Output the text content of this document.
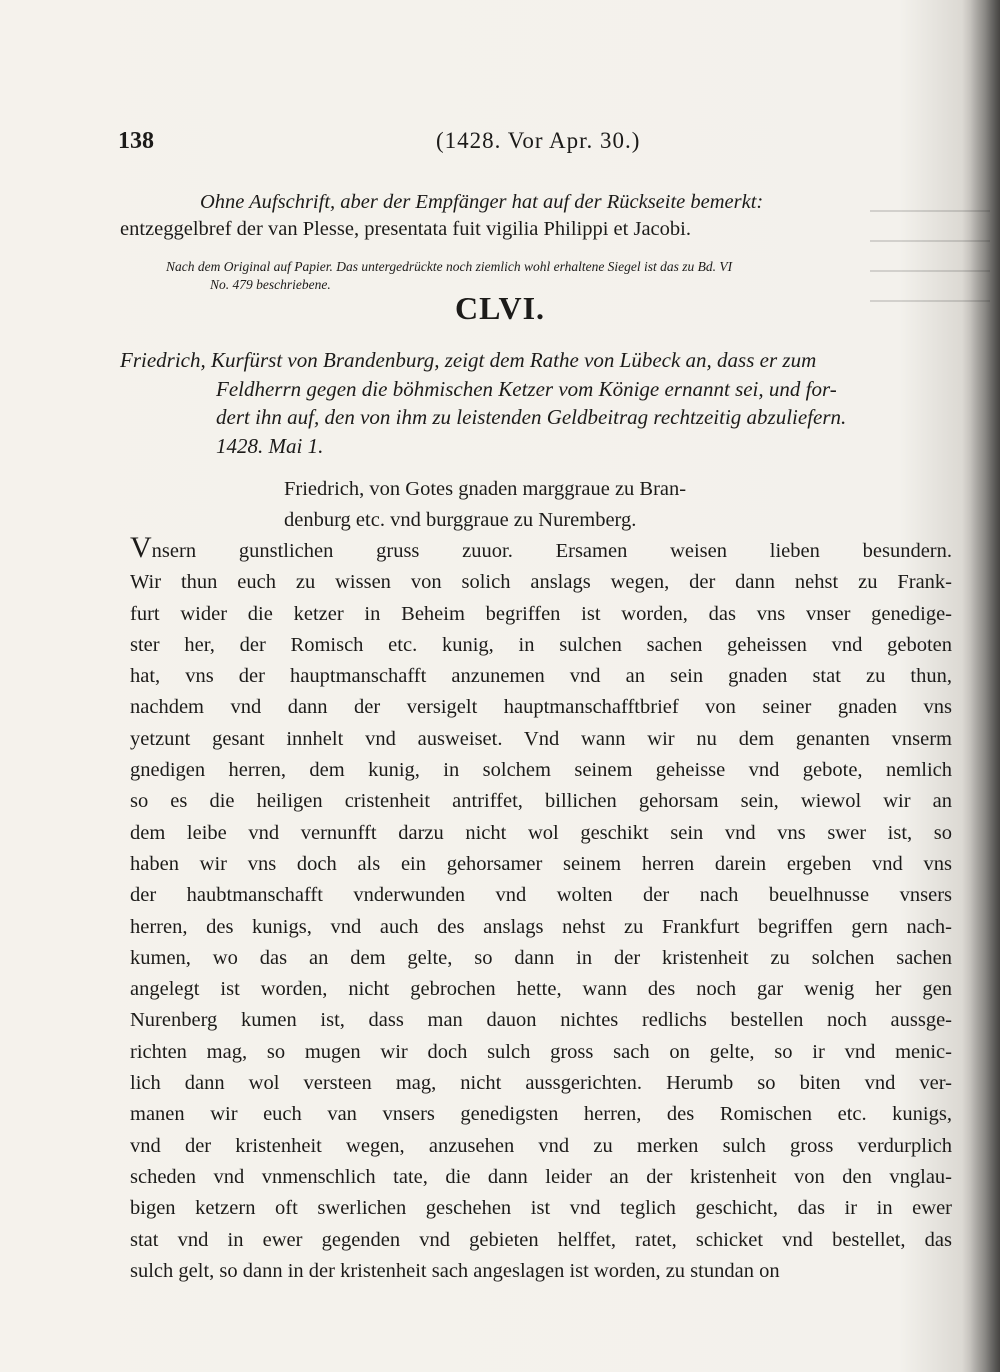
138	(1428. Vor Apr. 30.)

Ohne Aufschrift, aber der Empfänger hat auf der Rückseite bemerkt:
entzeggelbref der van Plesse, presentata fuit vigilia Philippi et Jacobi.

Nach dem Original auf Papier. Das untergedrückte noch ziemlich wohl erhaltene Siegel ist das zu Bd. VI
No. 479 beschriebene.

CLVI.

Friedrich, Kurfürst von Brandenburg, zeigt dem Rathe von Lübeck an, dass er zum
Feldherrn gegen die böhmischen Ketzer vom Könige ernannt sei, und for-
dert ihn auf, den von ihm zu leistenden Geldbeitrag rechtzeitig abzuliefern.
1428. Mai 1.

Friedrich, von Gotes gnaden marggraue zu Bran-
denburg etc. vnd burggraue zu Nuremberg.

Vnsern gunstlichen gruss zuuor. Ersamen weisen lieben besundern.
Wir thun euch zu wissen von solich anslags wegen, der dann nehst zu Frank-
furt wider die ketzer in Beheim begriffen ist worden, das vns vnser genedige-
ster her, der Romisch etc. kunig, in sulchen sachen geheissen vnd geboten
hat, vns der hauptmanschafft anzunemen vnd an sein gnaden stat zu thun,
nachdem vnd dann der versigelt hauptmanschafftbrief von seiner gnaden vns
yetzunt gesant innhelt vnd ausweiset. Vnd wann wir nu dem genanten vnserm
gnedigen herren, dem kunig, in solchem seinem geheisse vnd gebote, nemlich
so es die heiligen cristenheit antriffet, billichen gehorsam sein, wiewol wir an
dem leibe vnd vernunfft darzu nicht wol geschikt sein vnd vns swer ist, so
haben wir vns doch als ein gehorsamer seinem herren darein ergeben vnd vns
der haubtmanschafft vnderwunden vnd wolten der nach beuelhnusse vnsers
herren, des kunigs, vnd auch des anslags nehst zu Frankfurt begriffen gern nach-
kumen, wo das an dem gelte, so dann in der kristenheit zu solchen sachen
angelegt ist worden, nicht gebrochen hette, wann des noch gar wenig her gen
Nurenberg kumen ist, dass man dauon nichtes redlichs bestellen noch aussge-
richten mag, so mugen wir doch sulch gross sach on gelte, so ir vnd menic-
lich dann wol versteen mag, nicht aussgerichten. Herumb so biten vnd ver-
manen wir euch van vnsers genedigsten herren, des Romischen etc. kunigs,
vnd der kristenheit wegen, anzusehen vnd zu merken sulch gross verdurplich
scheden vnd vnmenschlich tate, die dann leider an der kristenheit von den vnglau-
bigen ketzern oft swerlichen geschehen ist vnd teglich geschicht, das ir in ewer
stat vnd in ewer gegenden vnd gebieten helffet, ratet, schicket vnd bestellet, das
sulch gelt, so dann in der kristenheit sach angeslagen ist worden, zu stundan on
